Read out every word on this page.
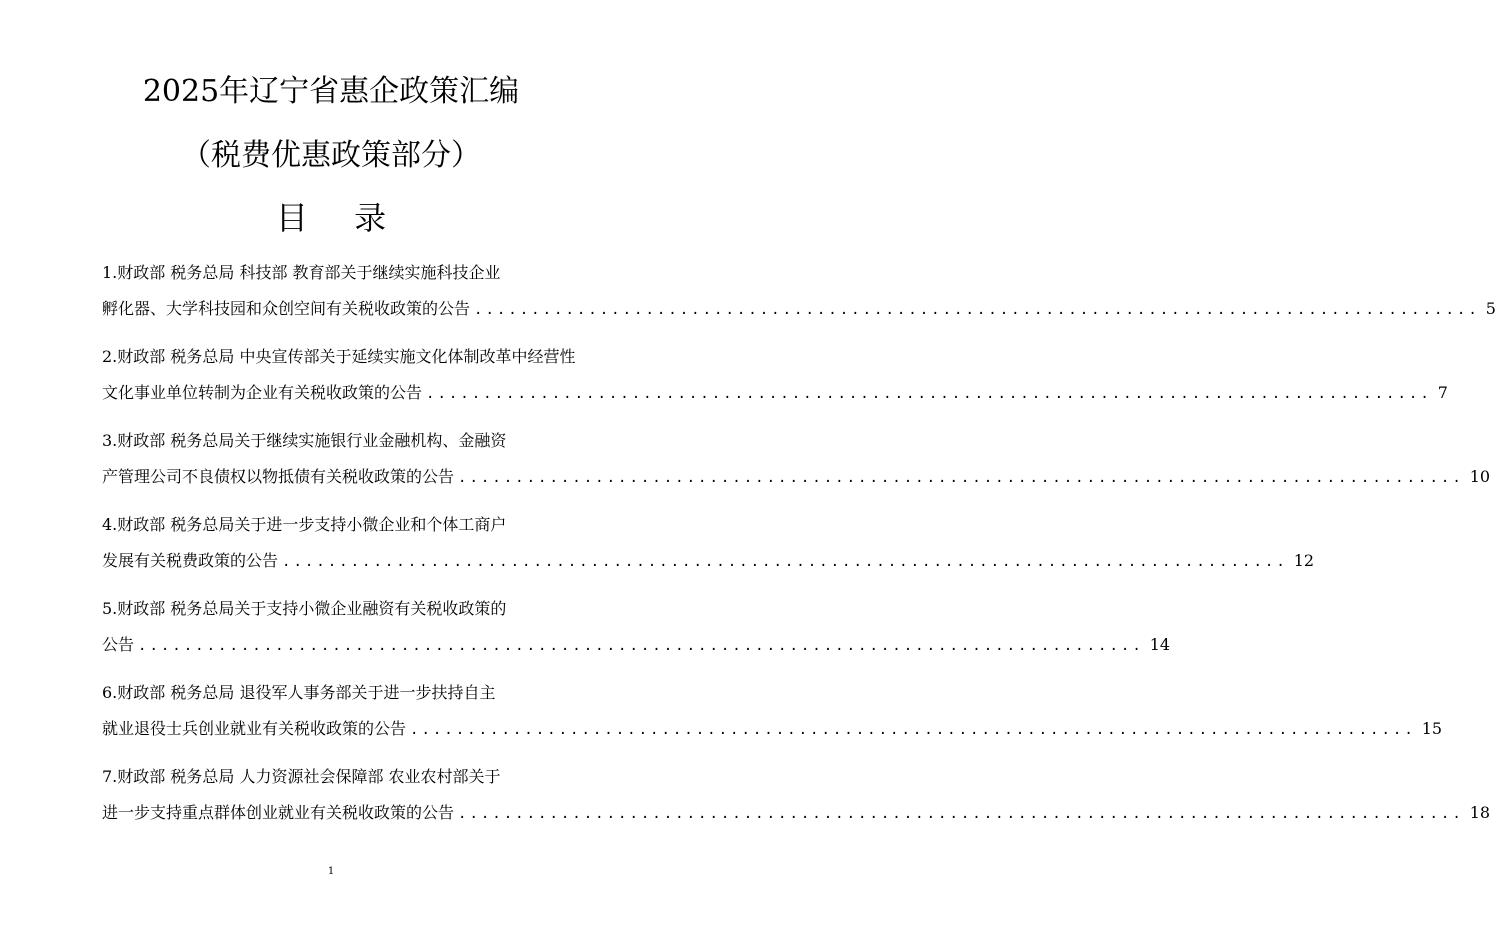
2025年辽宁省惠企政策汇编
（税费优惠政策部分）
目 录
1.财政部 税务总局 科技部 教育部关于继续实施科技企业
孵化器、大学科技园和众创空间有关税收政策的公告 ........................................................................................ 5
2.财政部 税务总局 中央宣传部关于延续实施文化体制改革中经营性
文化事业单位转制为企业有关税收政策的公告 ........................................................................................ 7
3.财政部 税务总局关于继续实施银行业金融机构、金融资
产管理公司不良债权以物抵债有关税收政策的公告 ........................................................................................ 10
4.财政部 税务总局关于进一步支持小微企业和个体工商户
发展有关税费政策的公告 ........................................................................................ 12
5.财政部 税务总局关于支持小微企业融资有关税收政策的
公告 ........................................................................................ 14
6.财政部 税务总局 退役军人事务部关于进一步扶持自主
就业退役士兵创业就业有关税收政策的公告 ........................................................................................ 15
7.财政部 税务总局 人力资源社会保障部 农业农村部关于
进一步支持重点群体创业就业有关税收政策的公告 ........................................................................................ 18
1
